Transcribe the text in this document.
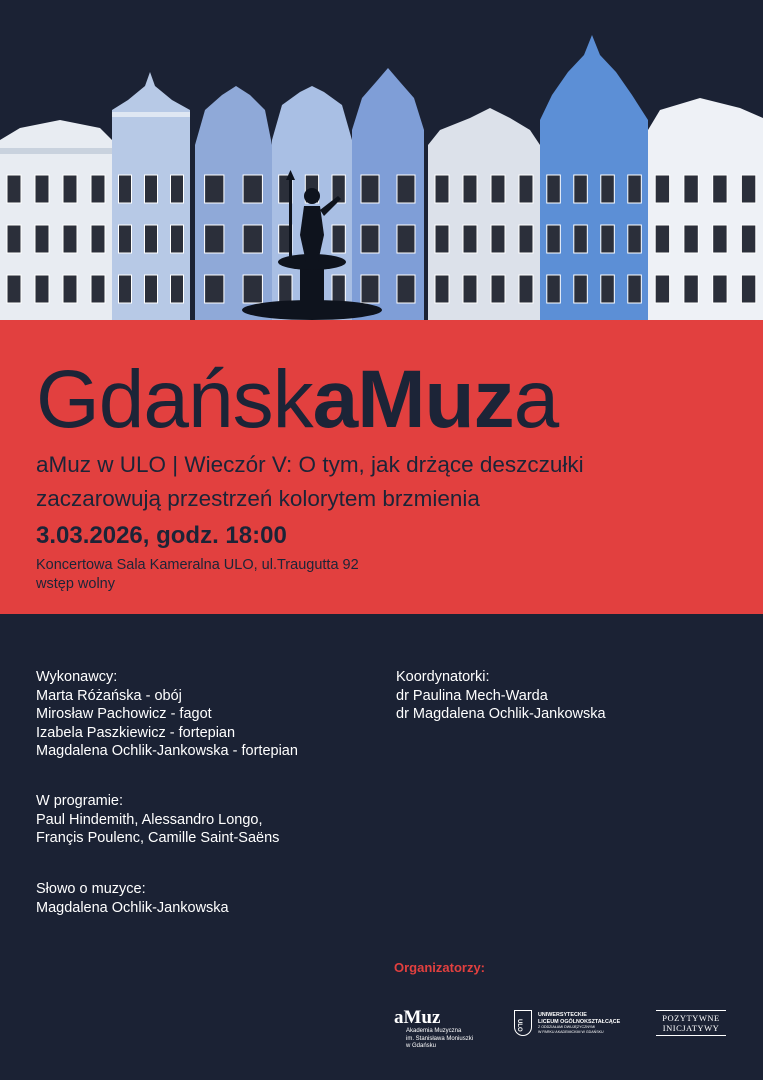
GdańskaMuza
aMuz w ULO | Wieczór V: O tym, jak drżące deszczułki
zaczarowują przestrzeń kolorytem brzmienia
3.03.2026, godz. 18:00
Koncertowa Sala Kameralna ULO, ul.Traugutta 92
wstęp wolny
Wykonawcy:
Marta Różańska - obój
Mirosław Pachowicz - fagot
Izabela Paszkiewicz - fortepian
Magdalena Ochlik-Jankowska - fortepian
Koordynatorki:
dr Paulina Mech-Warda
dr Magdalena Ochlik-Jankowska
W programie:
Paul Hindemith, Alessandro Longo,
Françis Poulenc, Camille Saint-Saëns
Słowo o muzyce:
Magdalena Ochlik-Jankowska
Organizatorzy:
aMuz
Akademia Muzyczna
im. Stanisława Moniuszki
w Gdańsku
ULO
UNIWERSYTECKIE
LICEUM OGÓLNOKSZTAŁCĄCE
Z ODDZIAŁAMI DWUJĘZYCZNYMI
W PARKU AKADEMICKIM W GDAŃSKU
POZYTYWNE
INICJATYWY
